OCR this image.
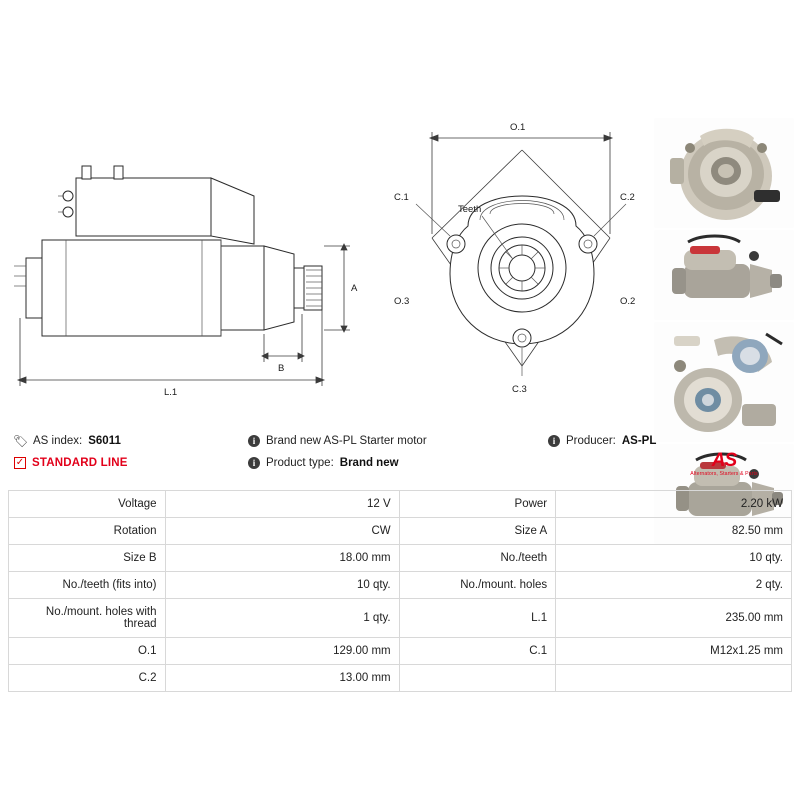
A
B
L.1
Teeth
O.1
C.1	C.2
C.3
O.3	O.2
🏷 AS index: S6011
✓ STANDARD LINE
i Brand new AS-PL Starter motor
i Product type: Brand new
i Producer: AS-PL
AS
Alternators, Starters & Parts
Voltage	12 V	Power	2.20 kW
Rotation	CW	Size A	82.50 mm
Size B	18.00 mm	No./teeth	10 qty.
No./teeth (fits into)	10 qty.	No./mount. holes	2 qty.
No./mount. holes with thread	1 qty.	L.1	235.00 mm
O.1	129.00 mm	C.1	M12x1.25 mm
C.2	13.00 mm		
